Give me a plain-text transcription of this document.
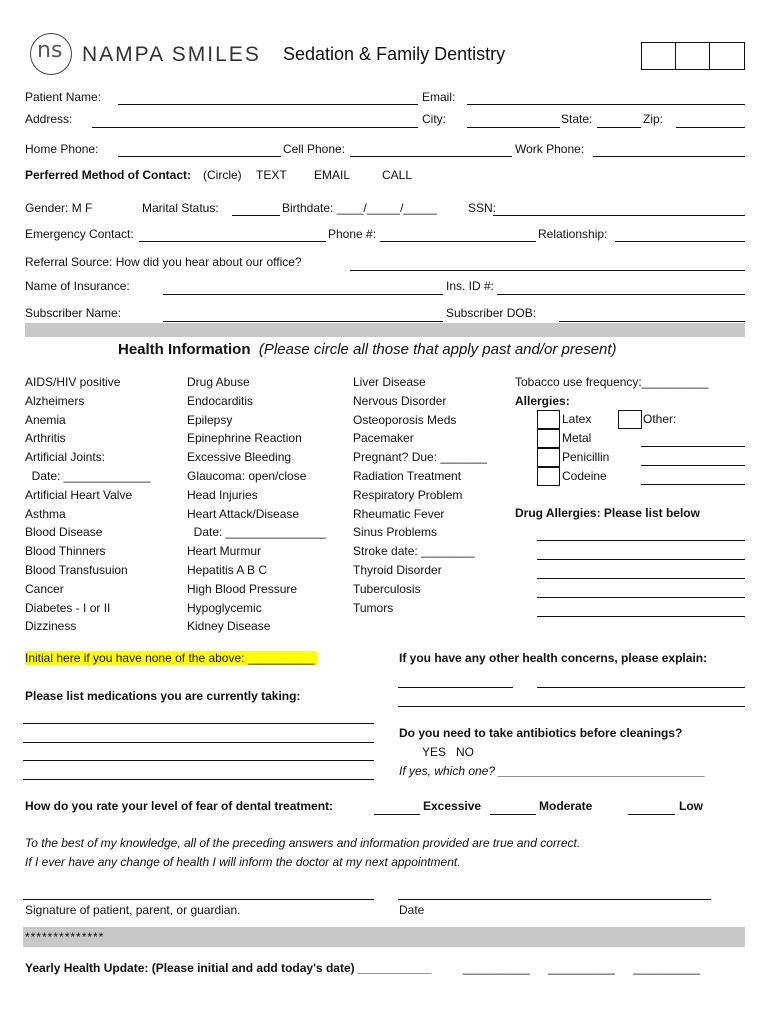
ns NAMPA SMILES Sedation & Family Dentistry
Patient Name:	Email:
Address:	City:	State:	Zip:
Home Phone:	Cell Phone:	Work Phone:
Perferred Method of Contact: (Circle) TEXT EMAIL	CALL
Gender: M F	Marital Status:	Birthdate: ____/_____/_____	SSN:
Emergency Contact:	Phone #:	Relationship:
Referral Source: How did you hear about our office?
Name of Insurance:	Ins. ID #:
Subscriber Name:	Subscriber DOB:
Health Information (Please circle all those that apply past and/or present)
AIDS/HIV positive
Alzheimers
Anemia
Arthritis
Artificial Joints:
Date: _____________
Artificial Heart Valve
Asthma
Blood Disease
Blood Thinners
Blood Transfusuion
Cancer
Diabetes - I or II
Dizziness
Drug Abuse
Endocarditis
Epilepsy
Epinephrine Reaction
Excessive Bleeding
Glaucoma: open/close
Head Injuries
Heart Attack/Disease
Date: _______________
Heart Murmur
Hepatitis A B C
High Blood Pressure
Hypoglycemic
Kidney Disease
Liver Disease
Nervous Disorder
Osteoporosis Meds
Pacemaker
Pregnant? Due: _______
Radiation Treatment
Respiratory Problem
Rheumatic Fever
Sinus Problems
Stroke date: ________
Thyroid Disorder
Tuberculosis
Tumors
Tobacco use frequency:__________
Allergies:
Latex
Metal
Penicillin
Codeine
Other:
Drug Allergies: Please list below
Initial here if you have none of the above: __________	If you have any other health concerns, please explain:
Please list medications you are currently taking:
Do you need to take antibiotics before cleanings?
YES   NO
If yes, which one? _______________________________
How do you rate your level of fear of dental treatment:	Excessive	Moderate	Low
To the best of my knowledge, all of the preceding answers and information provided are true and correct.
If I ever have any change of health I will inform the doctor at my next appointment.
Signature of patient, parent, or guardian.	Date
**************
Yearly Health Update: (Please initial and add today's date) ___________	__________ __________ __________
